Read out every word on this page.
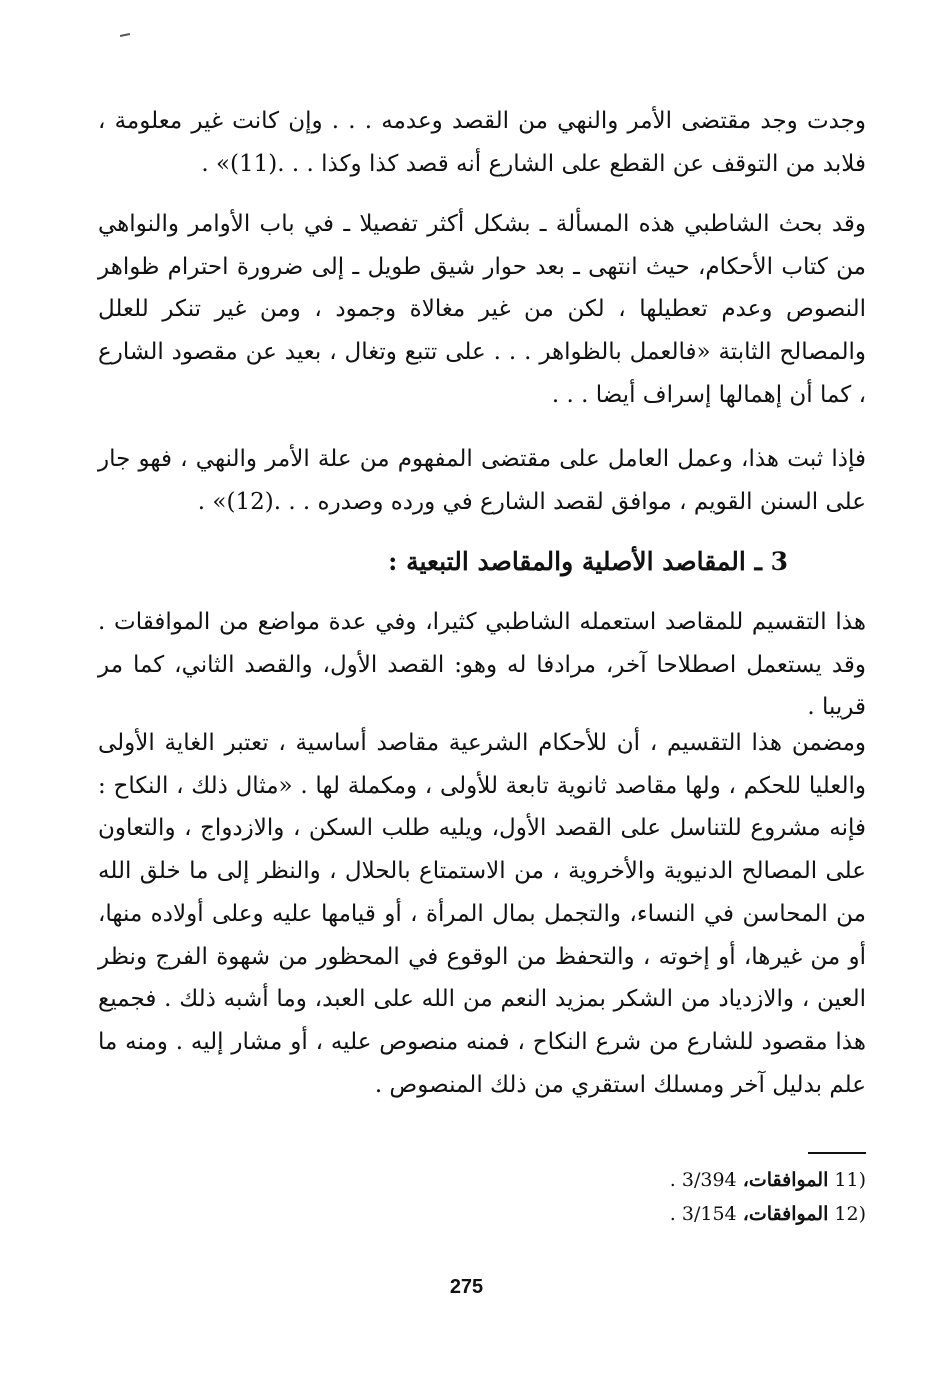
وجدت وجد مقتضى الأمر والنهي من القصد وعدمه . . . وإن كانت غير معلومة ، فلابد من التوقف عن القطع على الشارع أنه قصد كذا وكذا . . .(11)» .

وقد بحث الشاطبي هذه المسألة ـ بشكل أكثر تفصيلا ـ في باب الأوامر والنواهي من كتاب الأحكام، حيث انتهى ـ بعد حوار شيق طويل ـ إلى ضرورة احترام ظواهر النصوص وعدم تعطيلها ، لكن من غير مغالاة وجمود ، ومن غير تنكر للعلل والمصالح الثابتة «فالعمل بالظواهر . . . على تتبع وتغال ، بعيد عن مقصود الشارع ، كما أن إهمالها إسراف أيضا . . .

فإذا ثبت هذا، وعمل العامل على مقتضى المفهوم من علة الأمر والنهي ، فهو جار على السنن القويم ، موافق لقصد الشارع في ورده وصدره . . .(12)» .

3 ـ المقاصد الأصلية والمقاصد التبعية :

هذا التقسيم للمقاصد استعمله الشاطبي كثيرا، وفي عدة مواضع من الموافقات . وقد يستعمل اصطلاحا آخر، مرادفا له وهو: القصد الأول، والقصد الثاني، كما مر قريبا .

ومضمن هذا التقسيم ، أن للأحكام الشرعية مقاصد أساسية ، تعتبر الغاية الأولى والعليا للحكم ، ولها مقاصد ثانوية تابعة للأولى ، ومكملة لها . «مثال ذلك ، النكاح : فإنه مشروع للتناسل على القصد الأول، ويليه طلب السكن ، والازدواج ، والتعاون على المصالح الدنيوية والأخروية ، من الاستمتاع بالحلال ، والنظر إلى ما خلق الله من المحاسن في النساء، والتجمل بمال المرأة ، أو قيامها عليه وعلى أولاده منها، أو من غيرها، أو إخوته ، والتحفظ من الوقوع في المحظور من شهوة الفرج ونظر العين ، والازدياد من الشكر بمزيد النعم من الله على العبد، وما أشبه ذلك . فجميع هذا مقصود للشارع من شرع النكاح ، فمنه منصوص عليه ، أو مشار إليه . ومنه ما علم بدليل آخر ومسلك استقري من ذلك المنصوص .

11) الموافقات، 3/394 .
12) الموافقات، 3/154 .
275
